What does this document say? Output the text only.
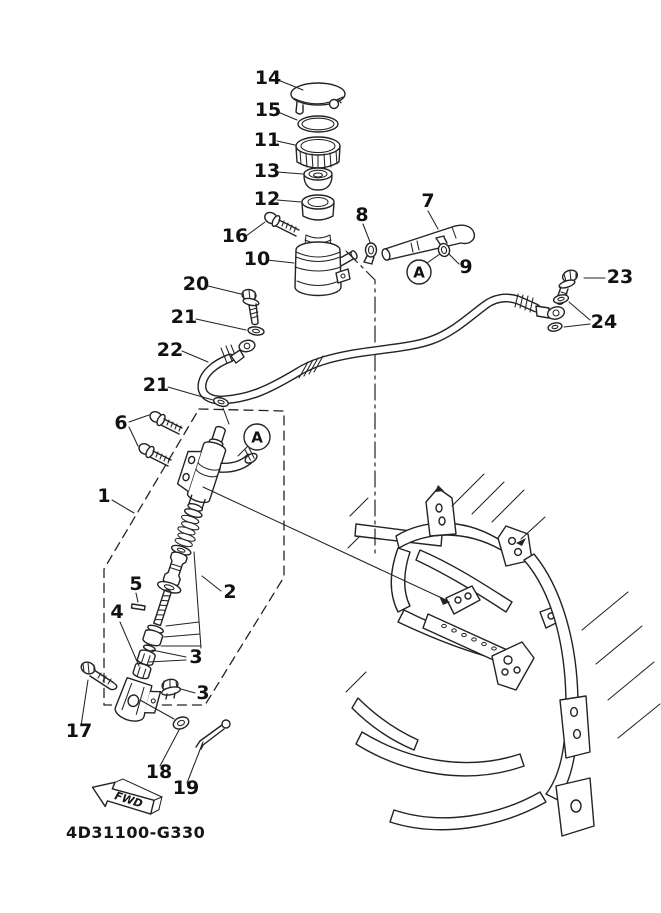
A
A
14
15
11
13
12
16
10
8
7
9	23
24
20
21
22
21
6
1
2
5
4
3
3
17
18
19
FWD
4D31100-G330
